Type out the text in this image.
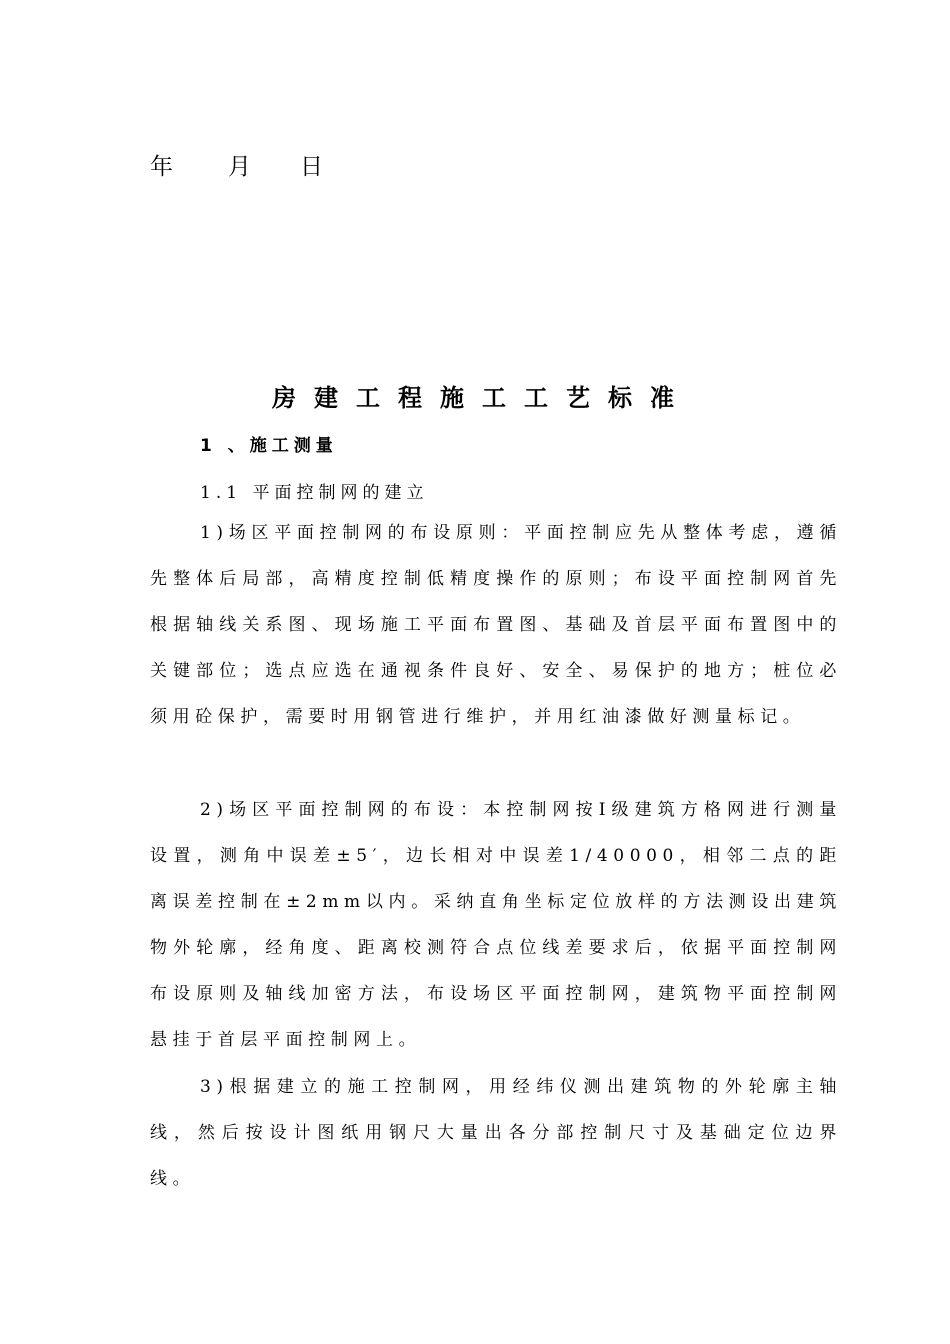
年 月 日
房建工程施工工艺标准
1 、施工测量
1.1 平面控制网的建立

1)场区平面控制网的布设原则：平面控制应先从整体考虑，遵循先整体后局部，高精度控制低精度操作的原则；布设平面控制网首先根据轴线关系图、现场施工平面布置图、基础及首层平面布置图中的关键部位；选点应选在通视条件良好、安全、易保护的地方；桩位必须用砼保护，需要时用钢管进行维护，并用红油漆做好测量标记。

2)场区平面控制网的布设：本控制网按Ⅰ级建筑方格网进行测量设置，测角中误差±5′，边长相对中误差1/40000，相邻二点的距离误差控制在±2mm以内。采纳直角坐标定位放样的方法测设出建筑物外轮廓，经角度、距离校测符合点位线差要求后，依据平面控制网布设原则及轴线加密方法，布设场区平面控制网，建筑物平面控制网悬挂于首层平面控制网上。

3)根据建立的施工控制网，用经纬仪测出建筑物的外轮廓主轴线，然后按设计图纸用钢尺大量出各分部控制尺寸及基础定位边界线。
